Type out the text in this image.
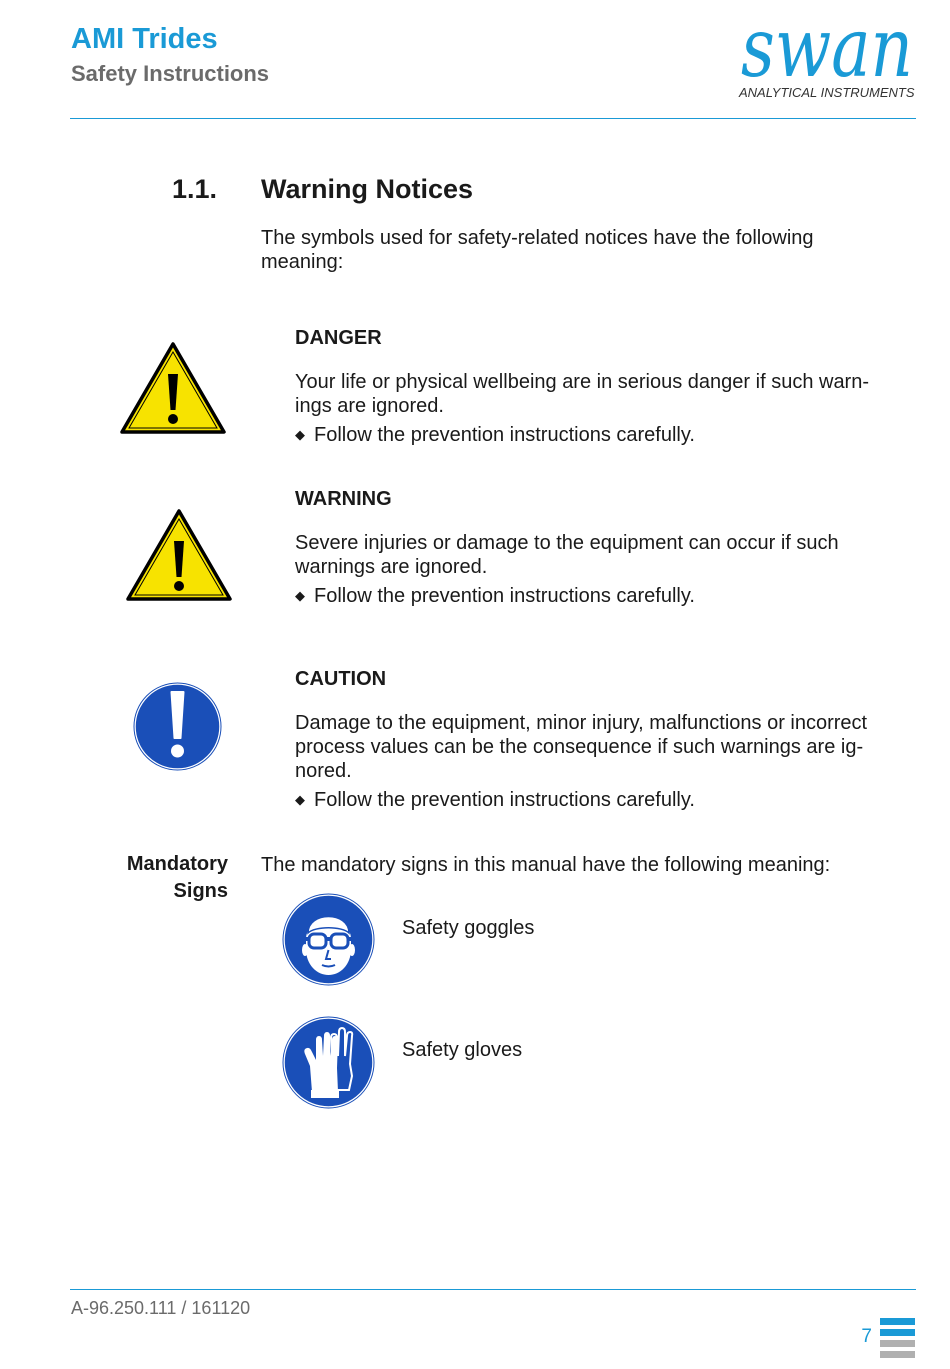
AMI Trides
Safety Instructions	swan
ANALYTICAL INSTRUMENTS
1.1. Warning Notices
The symbols used for safety-related notices have the following
meaning:
DANGER
Your life or physical wellbeing are in serious danger if such warn-
ings are ignored.
◆ Follow the prevention instructions carefully.
WARNING
Severe injuries or damage to the equipment can occur if such
warnings are ignored.
◆ Follow the prevention instructions carefully.
CAUTION
Damage to the equipment, minor injury, malfunctions or incorrect
process values can be the consequence if such warnings are ig-
nored.
◆ Follow the prevention instructions carefully.
Mandatory
Signs
The mandatory signs in this manual have the following meaning:
Safety goggles
Safety gloves
A-96.250.111 / 161120
7
